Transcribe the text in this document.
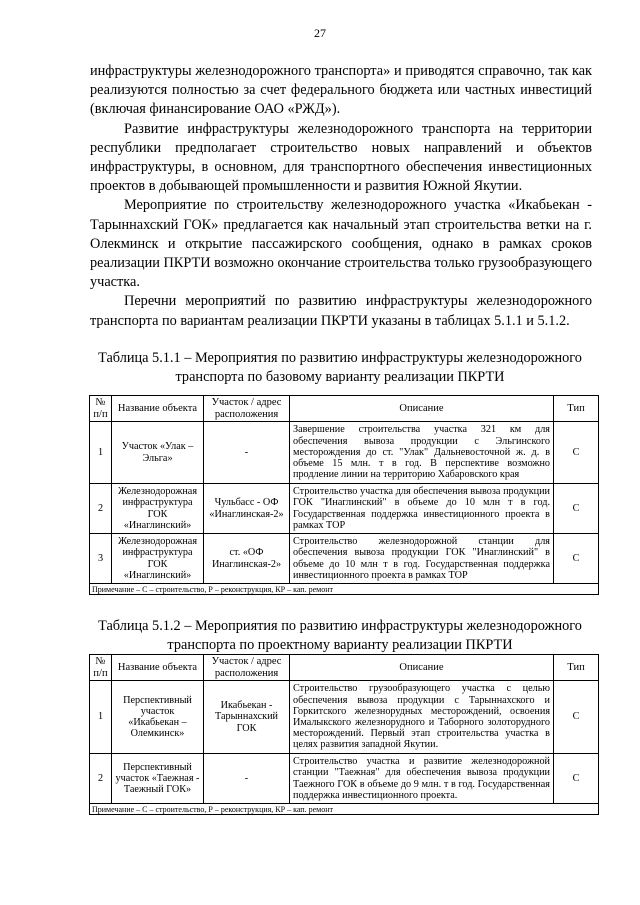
27

инфраструктуры железнодорожного транспорта» и приводятся справочно, так как реализуются полностью за счет федерального бюджета или частных инвестиций (включая финансирование ОАО «РЖД»).

Развитие инфраструктуры железнодорожного транспорта на территории республики предполагает строительство новых направлений и объектов инфраструктуры, в основном, для транспортного обеспечения инвестиционных проектов в добывающей промышленности и развития Южной Якутии.

Мероприятие по строительству железнодорожного участка «Икабьекан - Тарыннахский ГОК» предлагается как начальный этап строительства ветки на г. Олекминск и открытие пассажирского сообщения, однако в рамках сроков реализации ПКРТИ возможно окончание строительства только грузообразующего участка.

Перечни мероприятий по развитию инфраструктуры железнодорожного транспорта по вариантам реализации ПКРТИ указаны в таблицах 5.1.1 и 5.1.2.

Таблица 5.1.1 – Мероприятия по развитию инфраструктуры железнодорожного транспорта по базовому варианту реализации ПКРТИ
№ п/п	Название объекта	Участок / адрес расположения	Описание	Тип
1	Участок «Улак – Эльга»	-	Завершение строительства участка 321 км для обеспечения вывоза продукции с Эльгинского месторождения до ст. "Улак" Дальневосточной ж. д. в объеме 15 млн. т в год. В перспективе возможно продление линии на территорию Хабаровского края	С
2	Железнодорожная инфраструктура ГОК «Инаглинский»	Чульбасс - ОФ «Инаглинская-2»	Строительство участка для обеспечения вывоза продукции ГОК "Инаглинский" в объеме до 10 млн т в год. Государственная поддержка инвестиционного проекта в рамках ТОР	С
3	Железнодорожная инфраструктура ГОК «Инаглинский»	ст. «ОФ Инаглинская-2»	Строительство железнодорожной станции для обеспечения вывоза продукции ГОК "Инаглинский" в объеме до 10 млн т в год. Государственная поддержка инвестиционного проекта в рамках ТОР	С
Примечание – С – строительство, Р – реконструкция, КР – кап. ремонт				
Таблица 5.1.2 – Мероприятия по развитию инфраструктуры железнодорожного транспорта по проектному варианту реализации ПКРТИ
№ п/п	Название объекта	Участок / адрес расположения	Описание	Тип
1	Перспективный участок «Икабьекан – Олемкинск»	Икабьекан - Тарыннахский ГОК	Строительство грузообразующего участка с целью обеспечения вывоза продукции с Тарыннахского и Горкитского железнорудных месторождений, освоения Ималыкского железнорудного и Таборного золоторудного месторождений. Первый этап строительства участка в целях развития западной Якутии.	С
2	Перспективный участок «Таежная - Таежный ГОК»	-	Строительство участка и развитие железнодорожной станции "Таежная" для обеспечения вывоза продукции Таежного ГОК в объеме до 9 млн. т в год. Государственная поддержка инвестиционного проекта.	С
Примечание – С – строительство, Р – реконструкция, КР – кап. ремонт				
